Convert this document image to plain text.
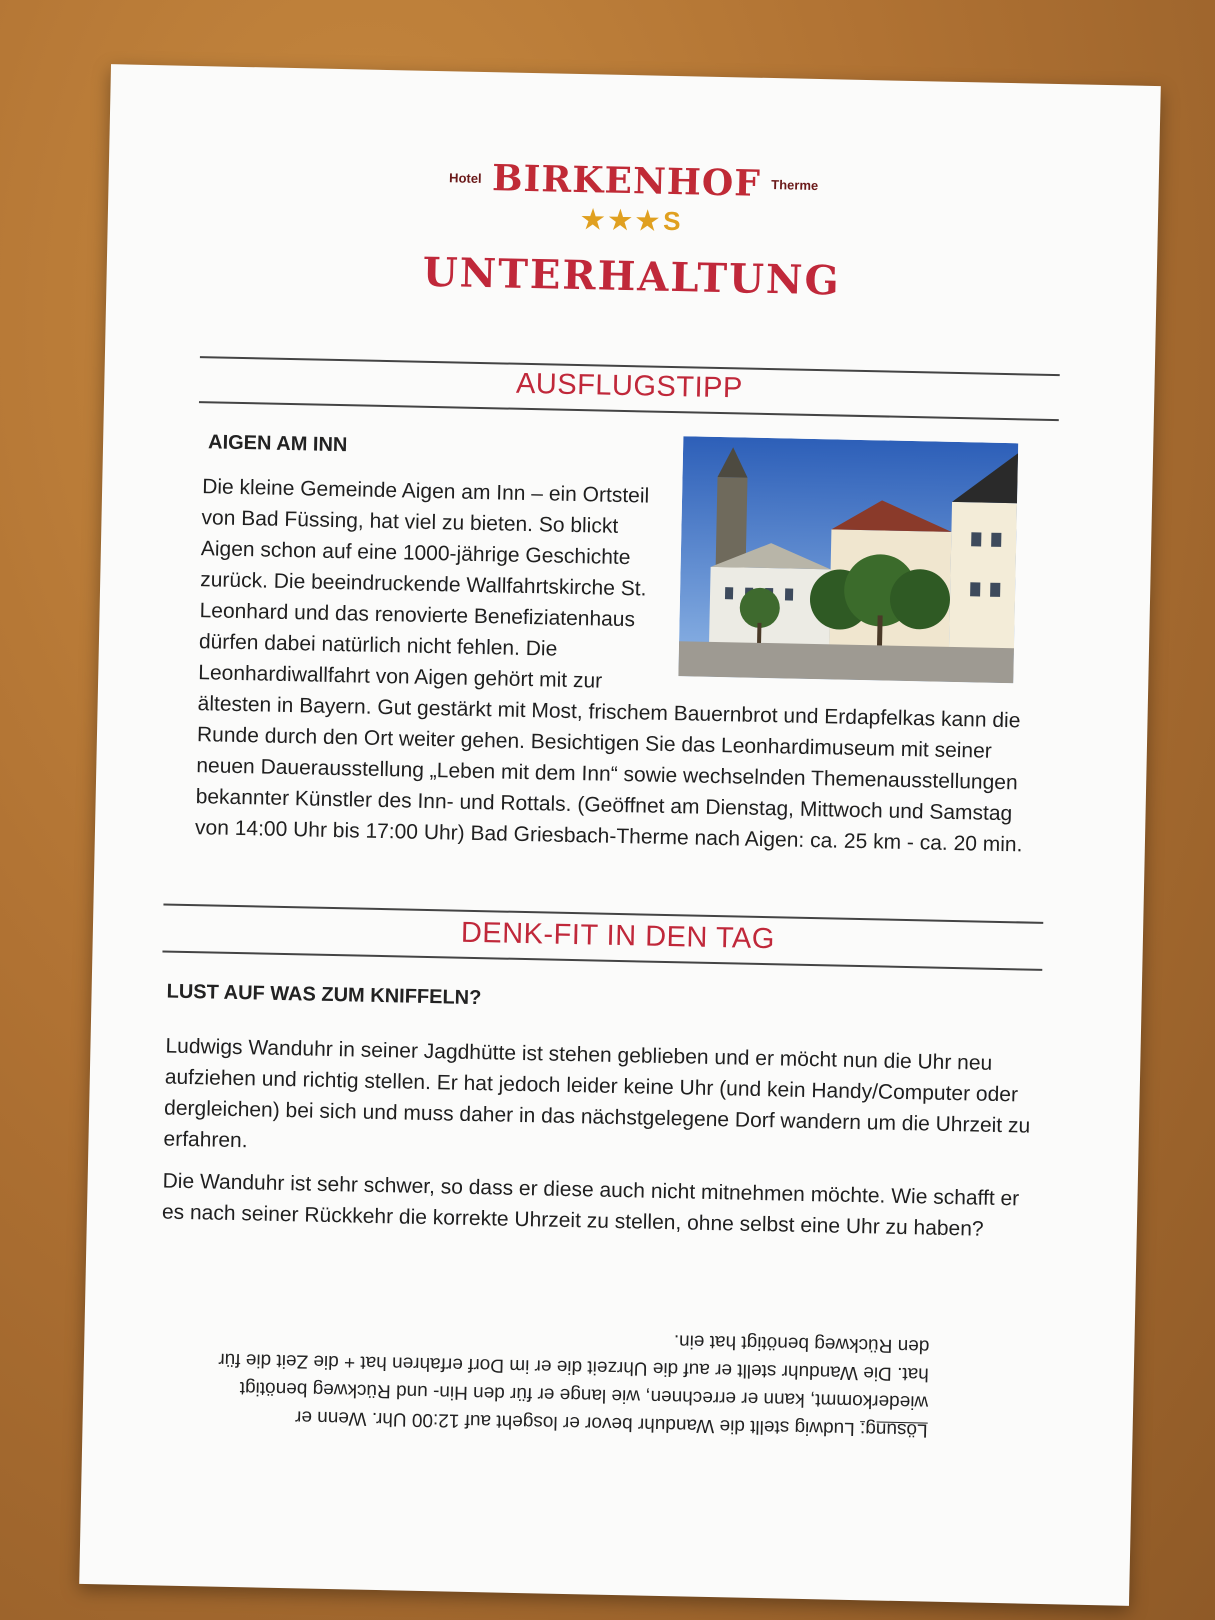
Hotel BIRKENHOF Therme
★★★S
UNTERHALTUNG
AUSFLUGSTIPP
AIGEN AM INN
Die kleine Gemeinde Aigen am Inn – ein Ortsteil von Bad Füssing, hat viel zu bieten. So blickt Aigen schon auf eine 1000-jährige Geschichte zurück. Die beeindruckende Wallfahrtskirche St. Leonhard und das renovierte Benefiziatenhaus dürfen dabei natürlich nicht fehlen. Die Leonhardiwallfahrt von Aigen gehört mit zur ältesten in Bayern. Gut gestärkt mit Most, frischem Bauernbrot und Erdapfelkas kann die Runde durch den Ort weiter gehen. Besichtigen Sie das Leonhardimuseum mit seiner neuen Dauerausstellung „Leben mit dem Inn“ sowie wechselnden Themenausstellungen bekannter Künstler des Inn- und Rottals. (Geöffnet am Dienstag, Mittwoch und Samstag von 14:00 Uhr bis 17:00 Uhr) Bad Griesbach-Therme nach Aigen: ca. 25 km - ca. 20 min.
DENK-FIT IN DEN TAG
LUST AUF WAS ZUM KNIFFELN?
Ludwigs Wanduhr in seiner Jagdhütte ist stehen geblieben und er möcht nun die Uhr neu aufziehen und richtig stellen. Er hat jedoch leider keine Uhr (und kein Handy/Computer oder dergleichen) bei sich und muss daher in das nächstgelegene Dorf wandern um die Uhrzeit zu erfahren.
Die Wanduhr ist sehr schwer, so dass er diese auch nicht mitnehmen möchte. Wie schafft er es nach seiner Rückkehr die korrekte Uhrzeit zu stellen, ohne selbst eine Uhr zu haben?
Lösung: Ludwig stellt die Wanduhr bevor er losgeht auf 12:00 Uhr. Wenn er wiederkommt, kann er errechnen, wie lange er für den Hin- und Rückweg benötigt hat. Die Wanduhr stellt er auf die Uhrzeit die er im Dorf erfahren hat + die Zeit die für den Rückweg benötigt hat ein.
